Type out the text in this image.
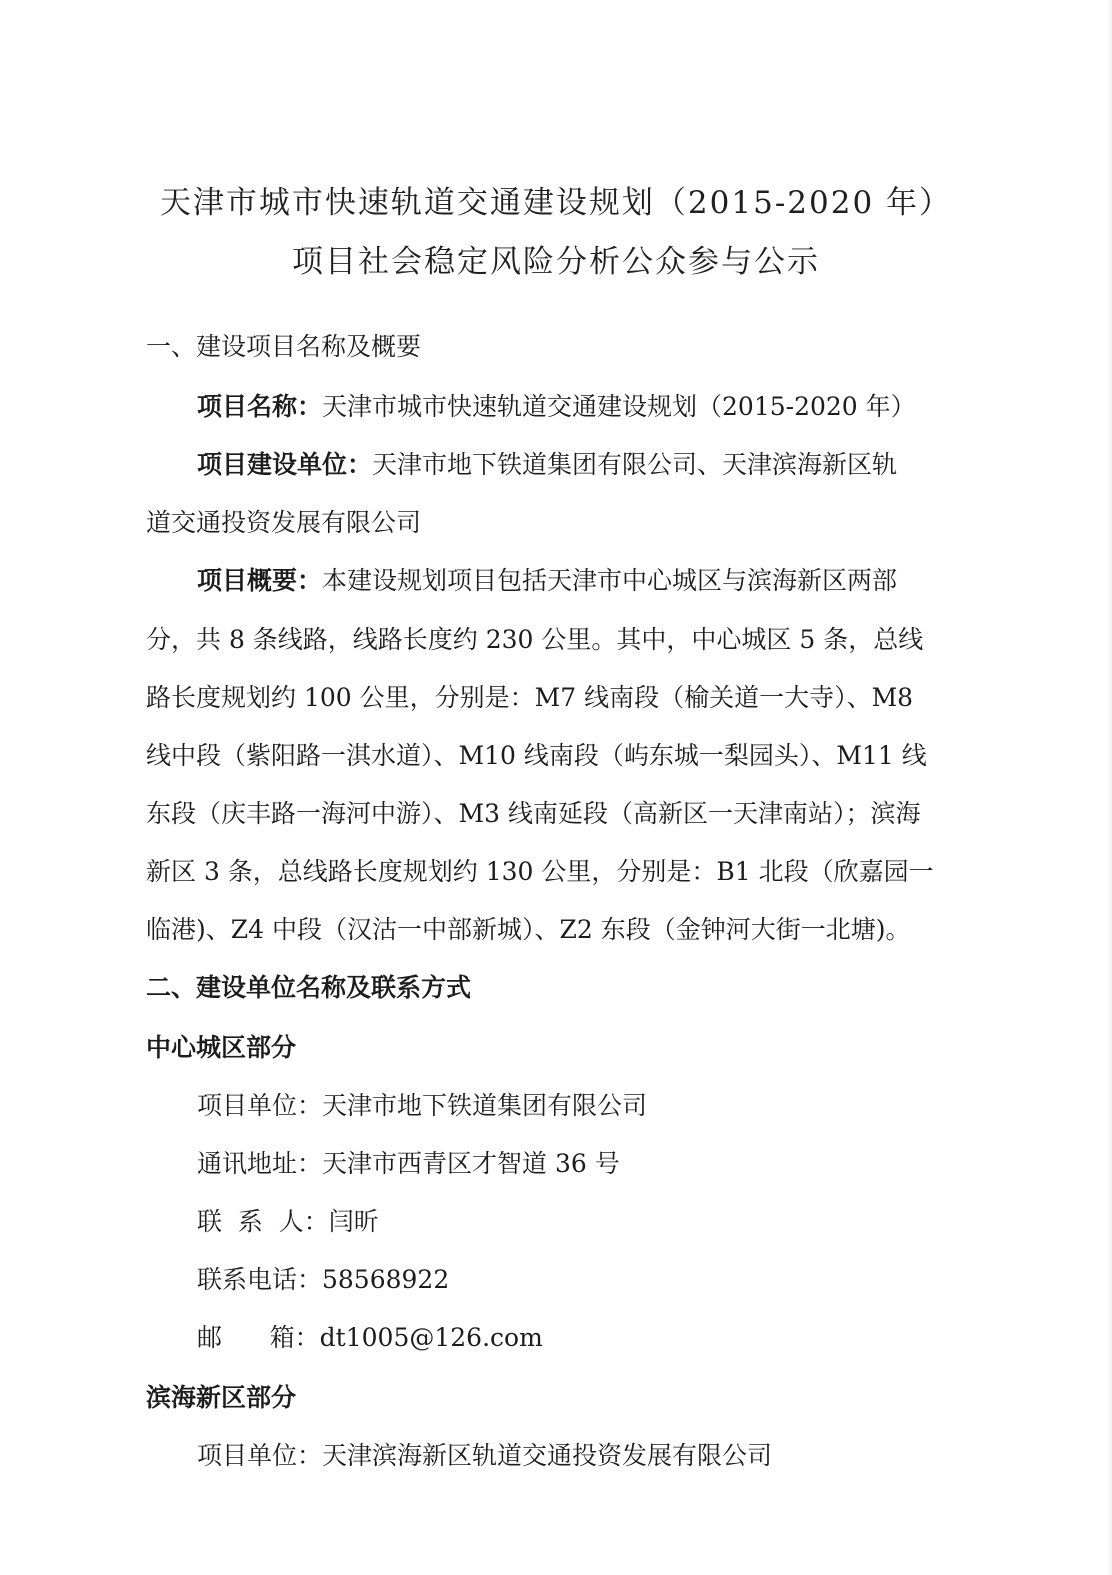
天津市城市快速轨道交通建设规划（2015-2020 年）
项目社会稳定风险分析公众参与公示
一、建设项目名称及概要
项目名称：天津市城市快速轨道交通建设规划（2015-2020 年）
项目建设单位：天津市地下铁道集团有限公司、天津滨海新区轨
道交通投资发展有限公司
项目概要：本建设规划项目包括天津市中心城区与滨海新区两部
分，共 8 条线路，线路长度约 230 公里。其中，中心城区 5 条，总线
路长度规划约 100 公里，分别是：M7 线南段（榆关道一大寺）、M8
线中段（紫阳路一淇水道）、M10 线南段（屿东城一梨园头）、M11 线
东段（庆丰路一海河中游）、M3 线南延段（高新区一天津南站）；滨海
新区 3 条，总线路长度规划约 130 公里，分别是：B1 北段（欣嘉园一
临港)、Z4 中段（汉沽一中部新城）、Z2 东段（金钟河大街一北塘)。
二、建设单位名称及联系方式
中心城区部分
项目单位：天津市地下铁道集团有限公司
通讯地址：天津市西青区才智道 36 号
联  系  人：闫昕
联系电话：58568922
邮      箱：dt1005@126.com
滨海新区部分
项目单位：天津滨海新区轨道交通投资发展有限公司
